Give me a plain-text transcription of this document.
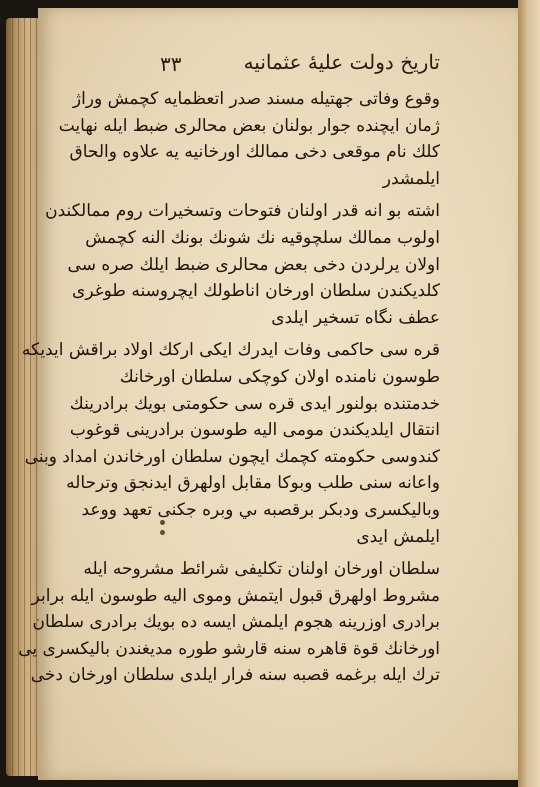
٣٣	تاريخ دولت عليهٔ عثمانيه
وقوع وفاتى جهتيله مسند صدر اتعظمايه كچمش وراژ
ژمان ايچنده جوار بولنان بعض محالرى ضبط ايله نهايت
كلك نام موقعى دخى ممالك اورخانيه يه علاوه والحاق
ايلمشدر
اشته بو انه قدر اولنان فتوحات وتسخيرات روم ممالكندن
اولوب ممالك سلچوقيه نك شونك بونك النه كچمش
اولان يرلردن دخى بعض محالرى ضبط ايلك صره سى
كلديكندن سلطان اورخان اناطولك ايچروسنه طوغرى
عطف نگاه تسخير ايلدى
قره سى حاكمى وفات ايدرك ايكى اركك اولاد براقش ايديكه
طوسون نامنده اولان كوچكى سلطان اورخانك
خدمتنده بولنور ايدى قره سى حكومتى بويك برادرينك
انتقال ايلديكندن مومى اليه طوسون برادرينى قوغوب
كندوسى حكومته كچمك ايچون سلطان اورخاندن امداد وبنى
واعانه سنى طلب وبوكا مقابل اولهرق ايدنجق وترحاله
وباليكسرى ودبكر برقصبه ىي وبره جكنى تعهد ووعد
ايلمش ايدى
سلطان اورخان اولنان تكليفى شرائط مشروحه ايله
مشروط اولهرق قبول ايتمش وموى اليه طوسون ايله برابر
برادرى اوزرينه هجوم ايلمش ايسه ده بويك برادرى سلطان
اورخانك قوة قاهره سنه قارشو طوره مديغندن باليكسرى يى
ترك ايله برغمه قصبه سنه فرار ايلدى سلطان اورخان دخى
